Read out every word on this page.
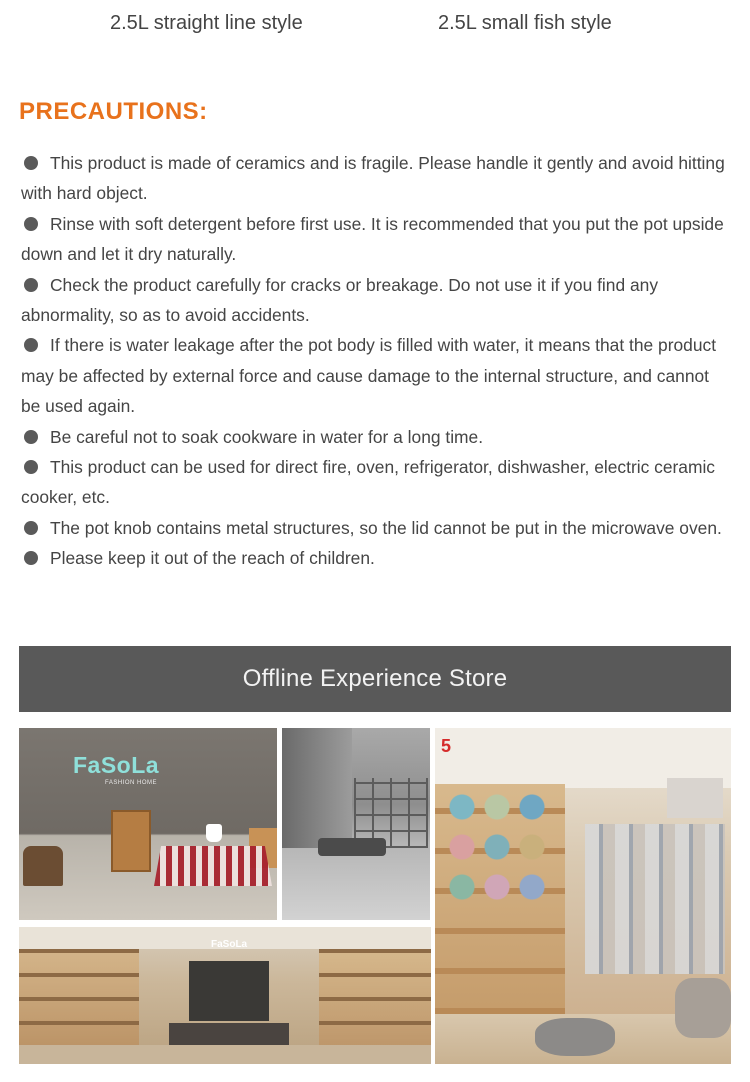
2.5L straight line style	2.5L small fish style
PRECAUTIONS:
This product is made of ceramics and is fragile. Please handle it gently and avoid hitting with hard object.
Rinse with soft detergent before first use. It is recommended that you put the pot upside down and let it dry naturally.
Check the product carefully for cracks or breakage. Do not use it if you find any abnormality, so as to avoid accidents.
If there is water leakage after the pot body is filled with water, it means that the product may be affected by external force and cause damage to the internal structure, and cannot be used again.
Be careful not to soak cookware in water for a long time.
This product can be used for direct fire, oven, refrigerator, dishwasher, electric ceramic cooker, etc.
The pot knob contains metal structures, so the lid cannot be put in the microwave oven.
Please keep it out of the reach of children.
Offline Experience Store
FaSoLa
FASHION HOME
5
FaSoLa
